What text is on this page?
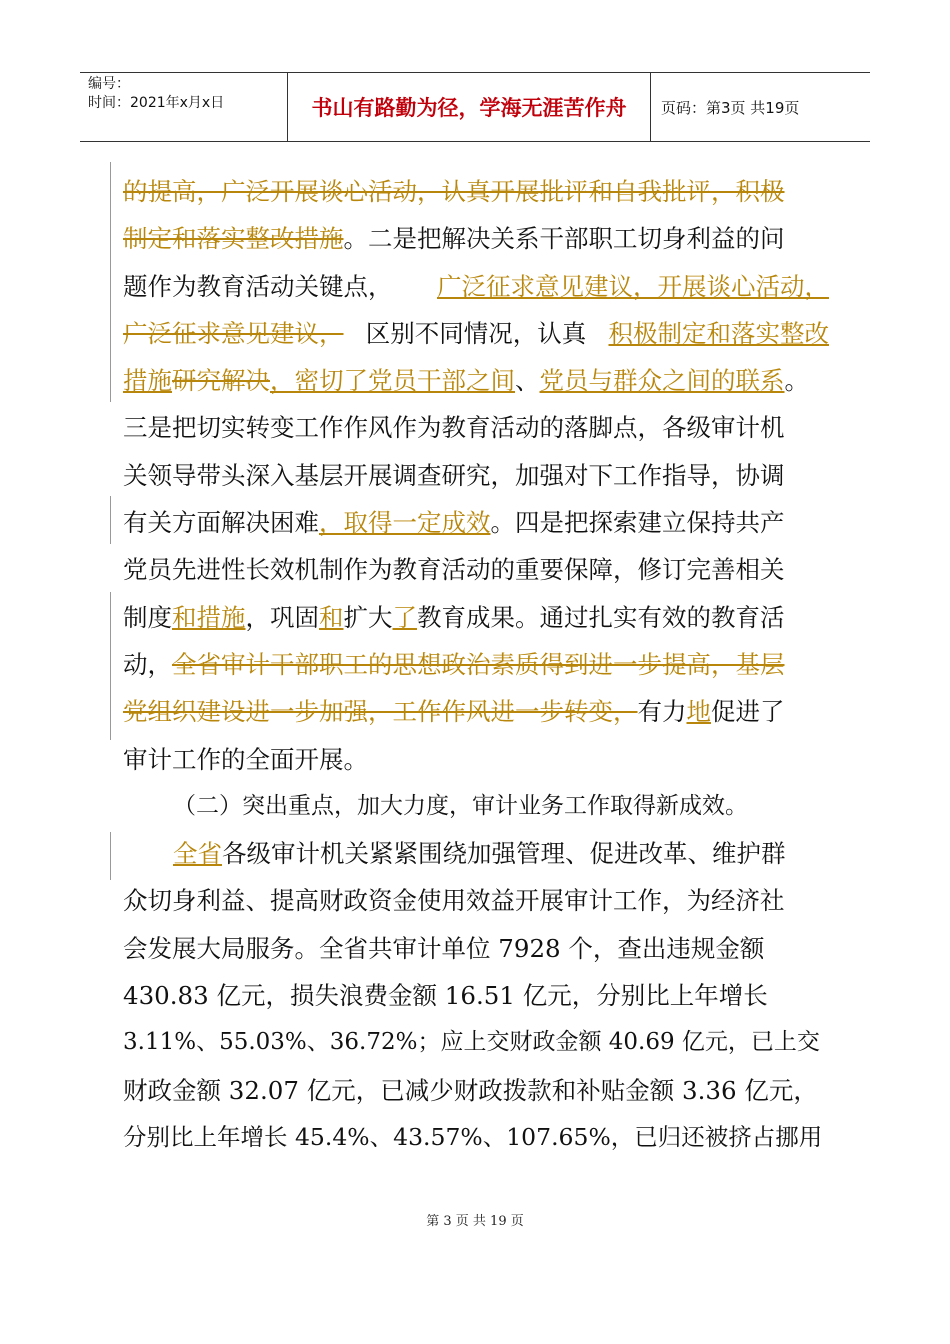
编号：
时间：2021年x月x日	书山有路勤为径，学海无涯苦作舟	页码：第3页 共19页
的提高，广泛开展谈心活动，认真开展批评和自我批评，积极
制定和落实整改措施。二是把解决关系干部职工切身利益的问
题作为教育活动关键点， 广泛征求意见建议，开展谈心活动，
广泛征求意见建议， 区别不同情况，认真 积极制定和落实整改
措施 研究解决 ，密切了党员干部之间 、 党员与群众之间的联系 。
三是把切实转变工作作风作为教育活动的落脚点，各级审计机
关领导带头深入基层开展调查研究，加强对下工作指导，协调
有关方面解决困难 ，取得一定成效 。四是把探索建立保持共产
党员先进性长效机制作为教育活动的重要保障，修订完善相关
制度 和措施 ，巩固 和 扩大 了 教育成果。通过扎实有效的教育活
动， 全省审计干部职工的思想政治素质得到进一步提高，基层
党组织建设进一步加强，工作作风进一步转变， 有力 地 促进了
审计工作的全面开展。
（二）突出重点，加大力度，审计业务工作取得新成效。
全省 各级审计机关紧紧围绕加强管理、促进改革、维护群
众切身利益、提高财政资金使用效益开展审计工作，为经济社
会发展大局服务。全省共审计单位 7928 个，查出违规金额
430.83 亿元，损失浪费金额 16.51 亿元，分别比上年增长
3.11%、55.03%、36.72%；应上交财政金额 40.69 亿元，已上交
财政金额 32.07 亿元，已减少财政拨款和补贴金额 3.36 亿元，
分别比上年增长 45.4%、43.57%、107.65%，已归还被挤占挪用
第 3 页 共 19 页
